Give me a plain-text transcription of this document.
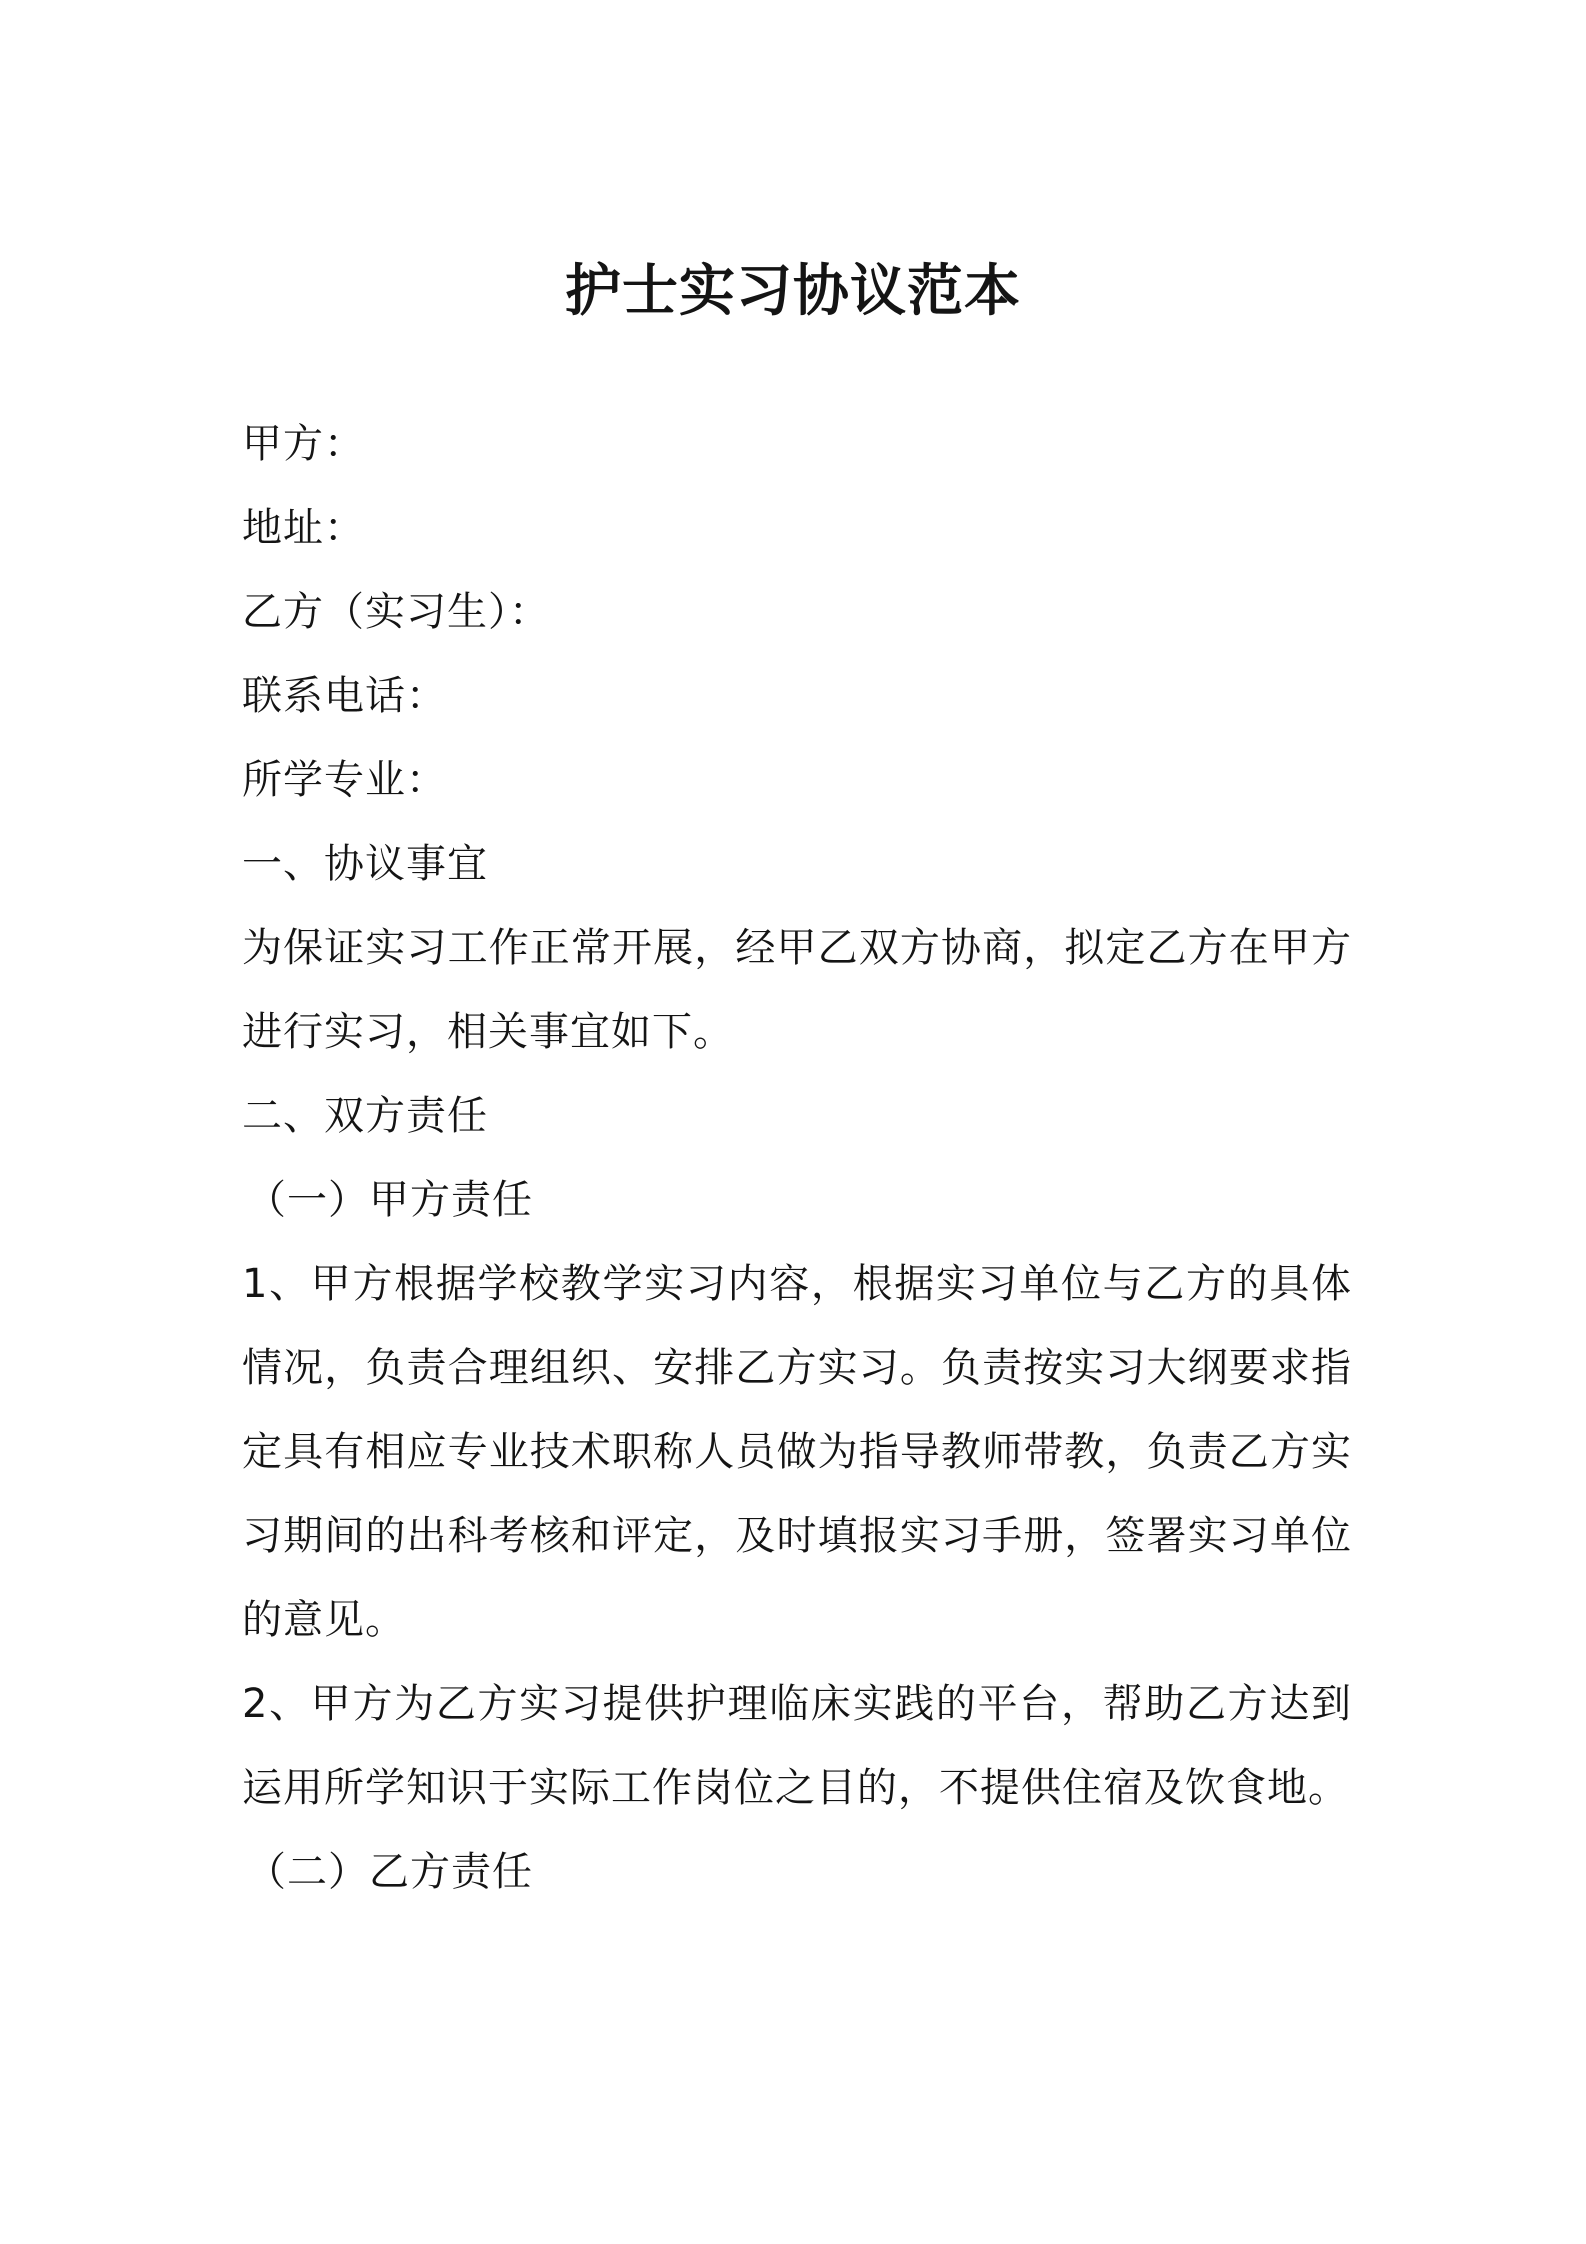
护士实习协议范本

甲方：

地址：

乙方（实习生）：

联系电话：

所学专业：

一、协议事宜

为保证实习工作正常开展，经甲乙双方协商，拟定乙方在甲方进行实习，相关事宜如下。

二、双方责任

（一）甲方责任

1、甲方根据学校教学实习内容，根据实习单位与乙方的具体情况，负责合理组织、安排乙方实习。负责按实习大纲要求指定具有相应专业技术职称人员做为指导教师带教，负责乙方实习期间的出科考核和评定，及时填报实习手册，签署实习单位的意见。

2、甲方为乙方实习提供护理临床实践的平台，帮助乙方达到运用所学知识于实际工作岗位之目的，不提供住宿及饮食地。

（二）乙方责任
